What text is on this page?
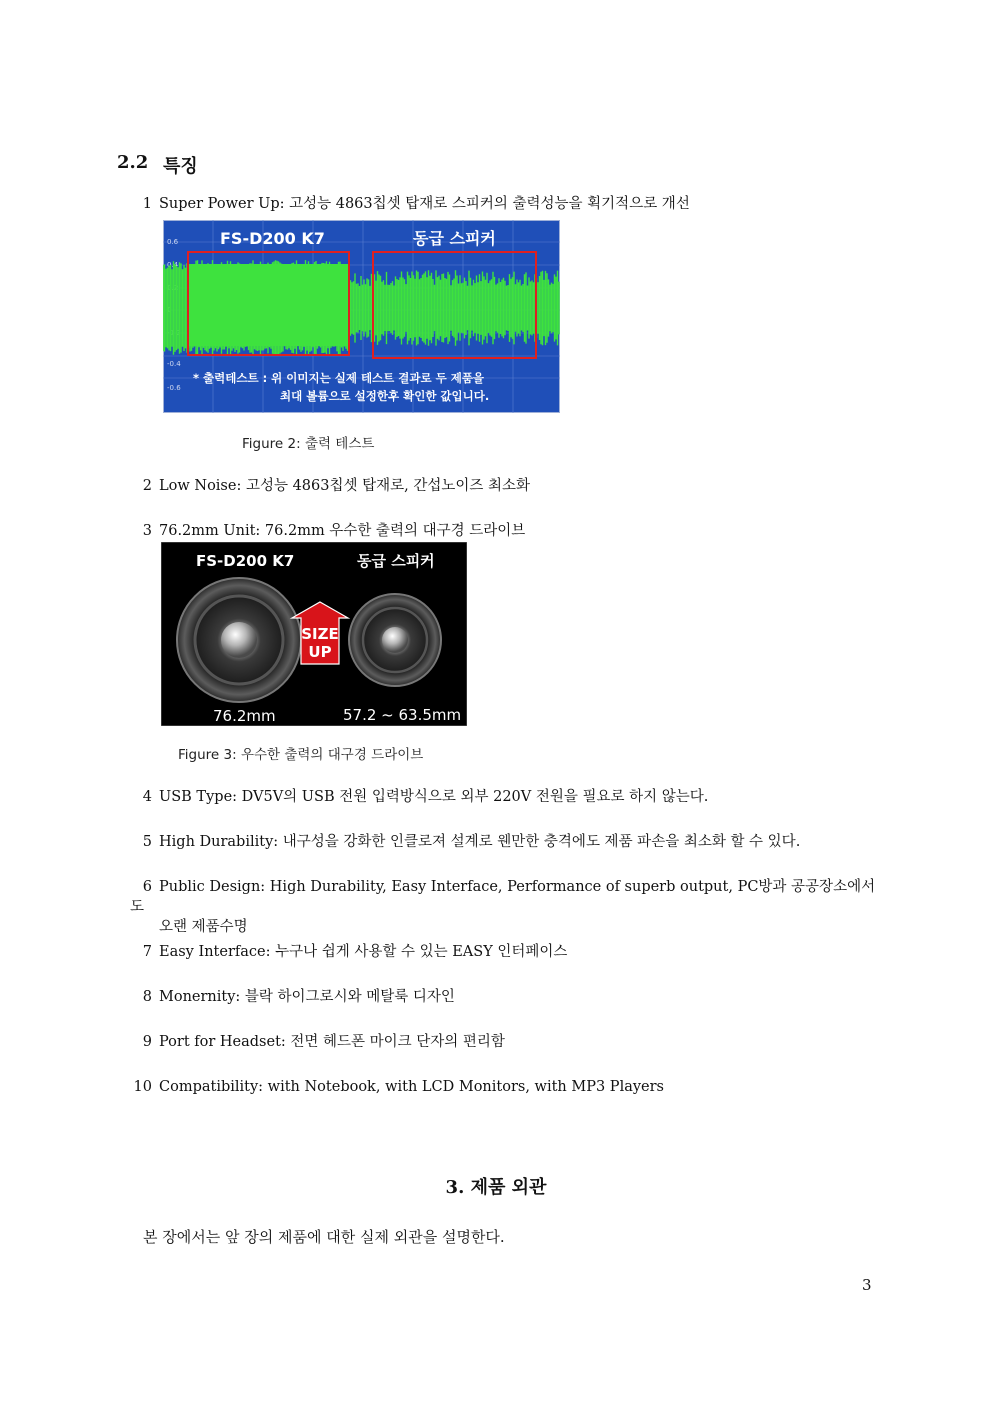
2.2 특징
1 Super Power Up: 고성능 4863칩셋 탑재로 스피커의 출력성능을 획기적으로 개선
0.6
0.4
-0.4
-0.6
FS-D200 K7	동급 스피커
* 출력테스트 : 위 이미지는 실제 테스트 결과로 두 제품을
최대 볼륨으로 설정한후 확인한 값입니다.
Figure 2: 출력 테스트
2 Low Noise: 고성능 4863칩셋 탑재로, 간섭노이즈 최소화
3 76.2mm Unit: 76.2mm 우수한 출력의 대구경 드라이브
SIZE
UP
FS-D200 K7	동급 스피커
76.2mm	57.2 ~ 63.5mm
Figure 3: 우수한 출력의 대구경 드라이브
4 USB Type: DV5V의 USB 전원 입력방식으로 외부 220V 전원을 필요로 하지 않는다.
5 High Durability: 내구성을 강화한 인클로져 설계로 웬만한 충격에도 제품 파손을 최소화 할 수 있다.
6 Public Design: High Durability, Easy Interface, Performance of superb output, PC방과 공공장소에서도
오랜 제품수명
7 Easy Interface: 누구나 쉽게 사용할 수 있는 EASY 인터페이스
8 Monernity: 블락 하이그로시와 메탈룩 디자인
9 Port for Headset: 전면 헤드폰 마이크 단자의 편리함
10 Compatibility: with Notebook, with LCD Monitors, with MP3 Players
3. 제품 외관
본 장에서는 앞 장의 제품에 대한 실제 외관을 설명한다.
3
